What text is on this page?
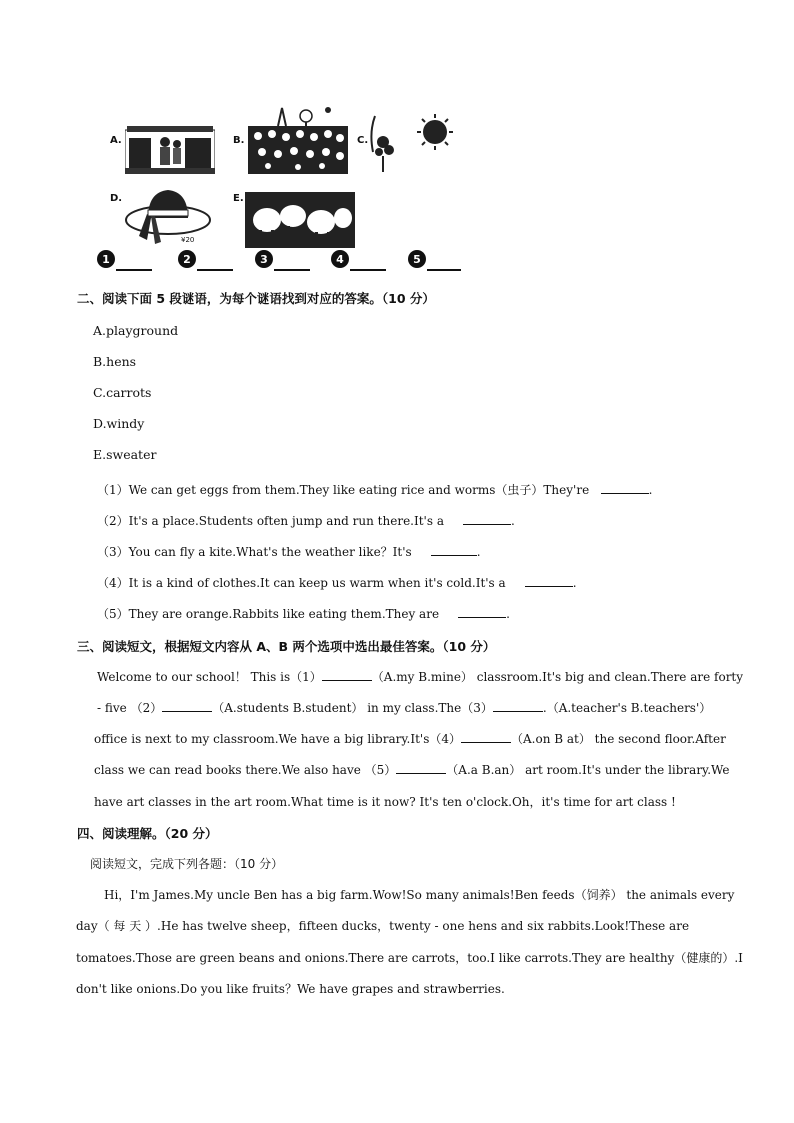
A.	B.	C.
D.
¥20
E.
1	2	3	4	5
二、阅读下面 5 段谜语，为每个谜语找到对应的答案。（10 分）
A.playground
B.hens
C.carrots
D.windy
E.sweater
（1）We can get eggs from them.They like eating rice and worms（虫子）They're	.
（2）It's a place.Students often jump and run there.It's a	.
（3）You can fly a kite.What's the weather like？It's	.
（4）It is a kind of clothes.It can keep us warm when it's cold.It's a	.
（5）They are orange.Rabbits like eating them.They are	.
三、阅读短文，根据短文内容从 A、B 两个选项中选出最佳答案。（10 分）
Welcome to our school！ This is（1）	（A.my B.mine） classroom.It's big and clean.There are forty
- five （2）	（A.students B.student） in my class.The（3）	.（A.teacher's B.teachers'）
office is next to my classroom.We have a big library.It's（4）	（A.on B at） the second floor.After
class we can read books there.We also have （5）	（A.a B.an） art room.It's under the library.We
have art classes in the art room.What time is it now? It's ten o'clock.Oh，it's time for art class !
四、阅读理解。（20 分）
阅读短文，完成下列各题：（10 分）
Hi，I'm James.My uncle Ben has a big farm.Wow!So many animals!Ben feeds（饲养） the animals every
day（ 每 天 ）.He has twelve sheep，fifteen ducks，twenty - one hens and six rabbits.Look!These are
tomatoes.Those are green beans and onions.There are carrots，too.I like carrots.They are healthy（健康的）.I
don't like onions.Do you like fruits？We have grapes and strawberries.
